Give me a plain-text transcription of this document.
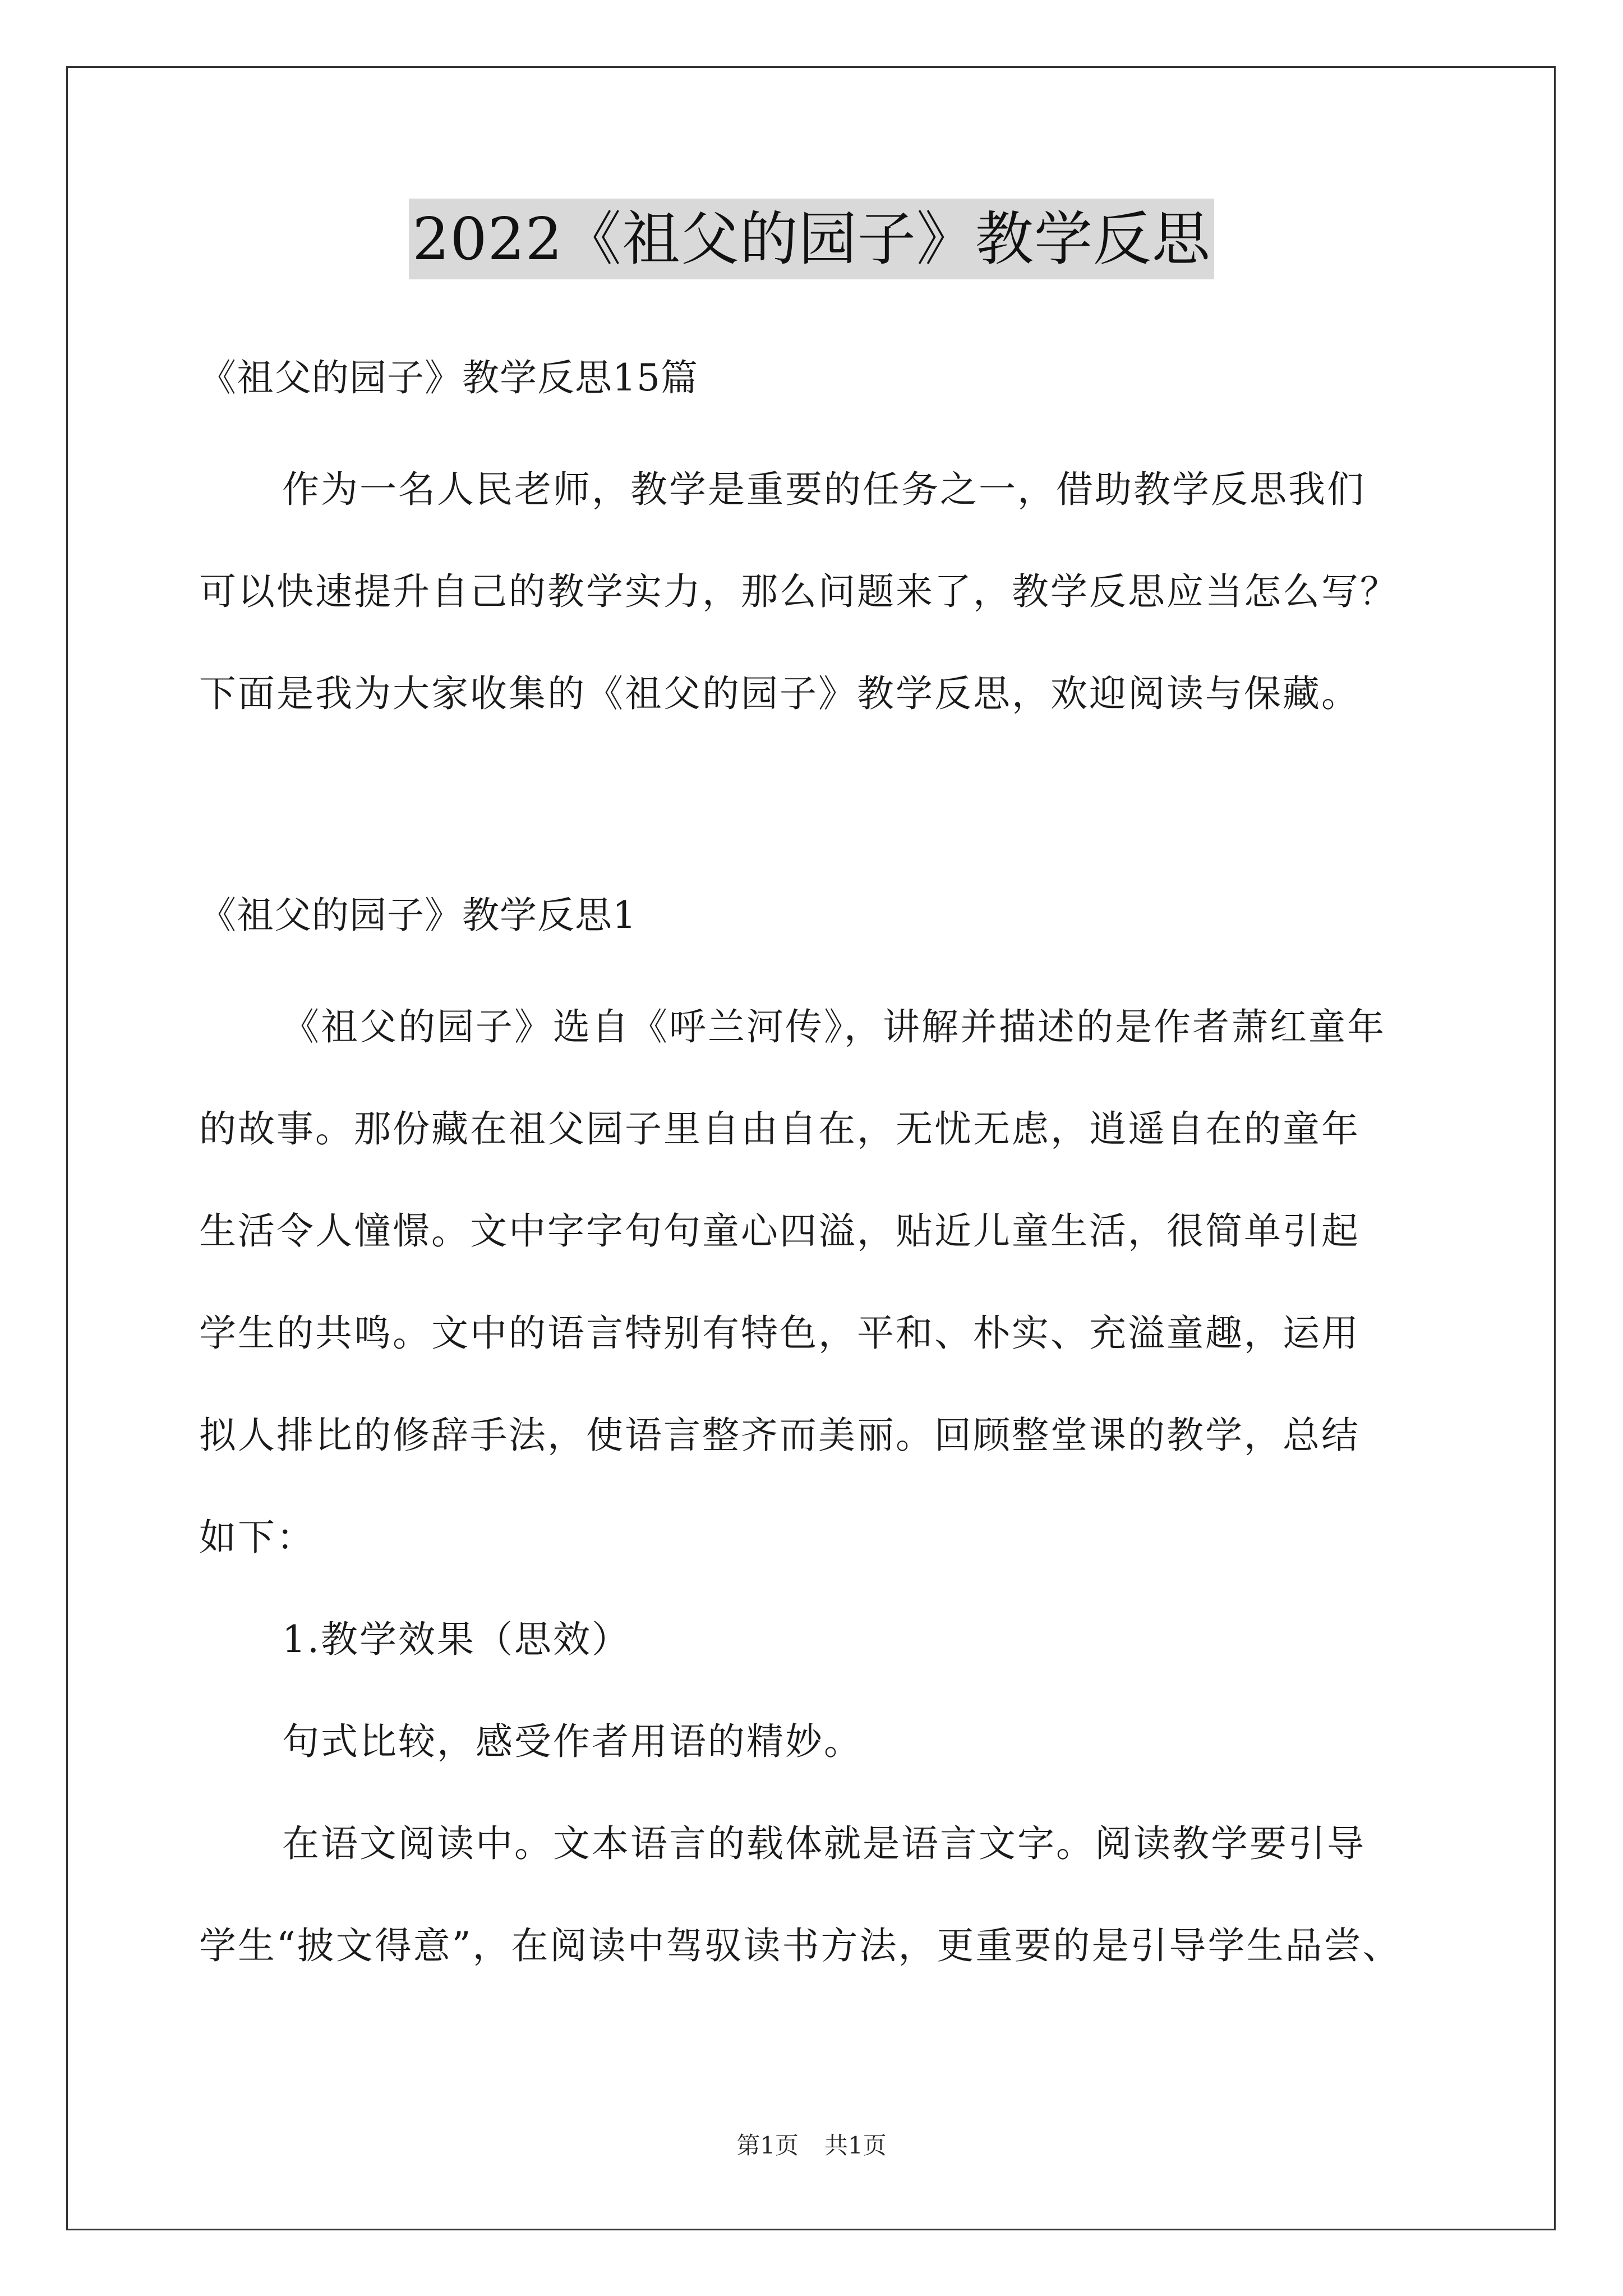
2022《祖父的园子》教学反思
《祖父的园子》教学反思15篇
作为一名人民老师，教学是重要的任务之一，借助教学反思我们
可以快速提升自己的教学实力，那么问题来了，教学反思应当怎么写？
下面是我为大家收集的《祖父的园子》教学反思，欢迎阅读与保藏。
《祖父的园子》教学反思1
《祖父的园子》选自《呼兰河传》，讲解并描述的是作者萧红童年
的故事。那份藏在祖父园子里自由自在，无忧无虑，逍遥自在的童年
生活令人憧憬。文中字字句句童心四溢，贴近儿童生活，很简单引起
学生的共鸣。文中的语言特别有特色，平和、朴实、充溢童趣，运用
拟人排比的修辞手法，使语言整齐而美丽。回顾整堂课的教学，总结
如下：
1.教学效果（思效）
句式比较，感受作者用语的精妙。
在语文阅读中。文本语言的载体就是语言文字。阅读教学要引导
学生“披文得意”，在阅读中驾驭读书方法，更重要的是引导学生品尝、
第1页 共1页
